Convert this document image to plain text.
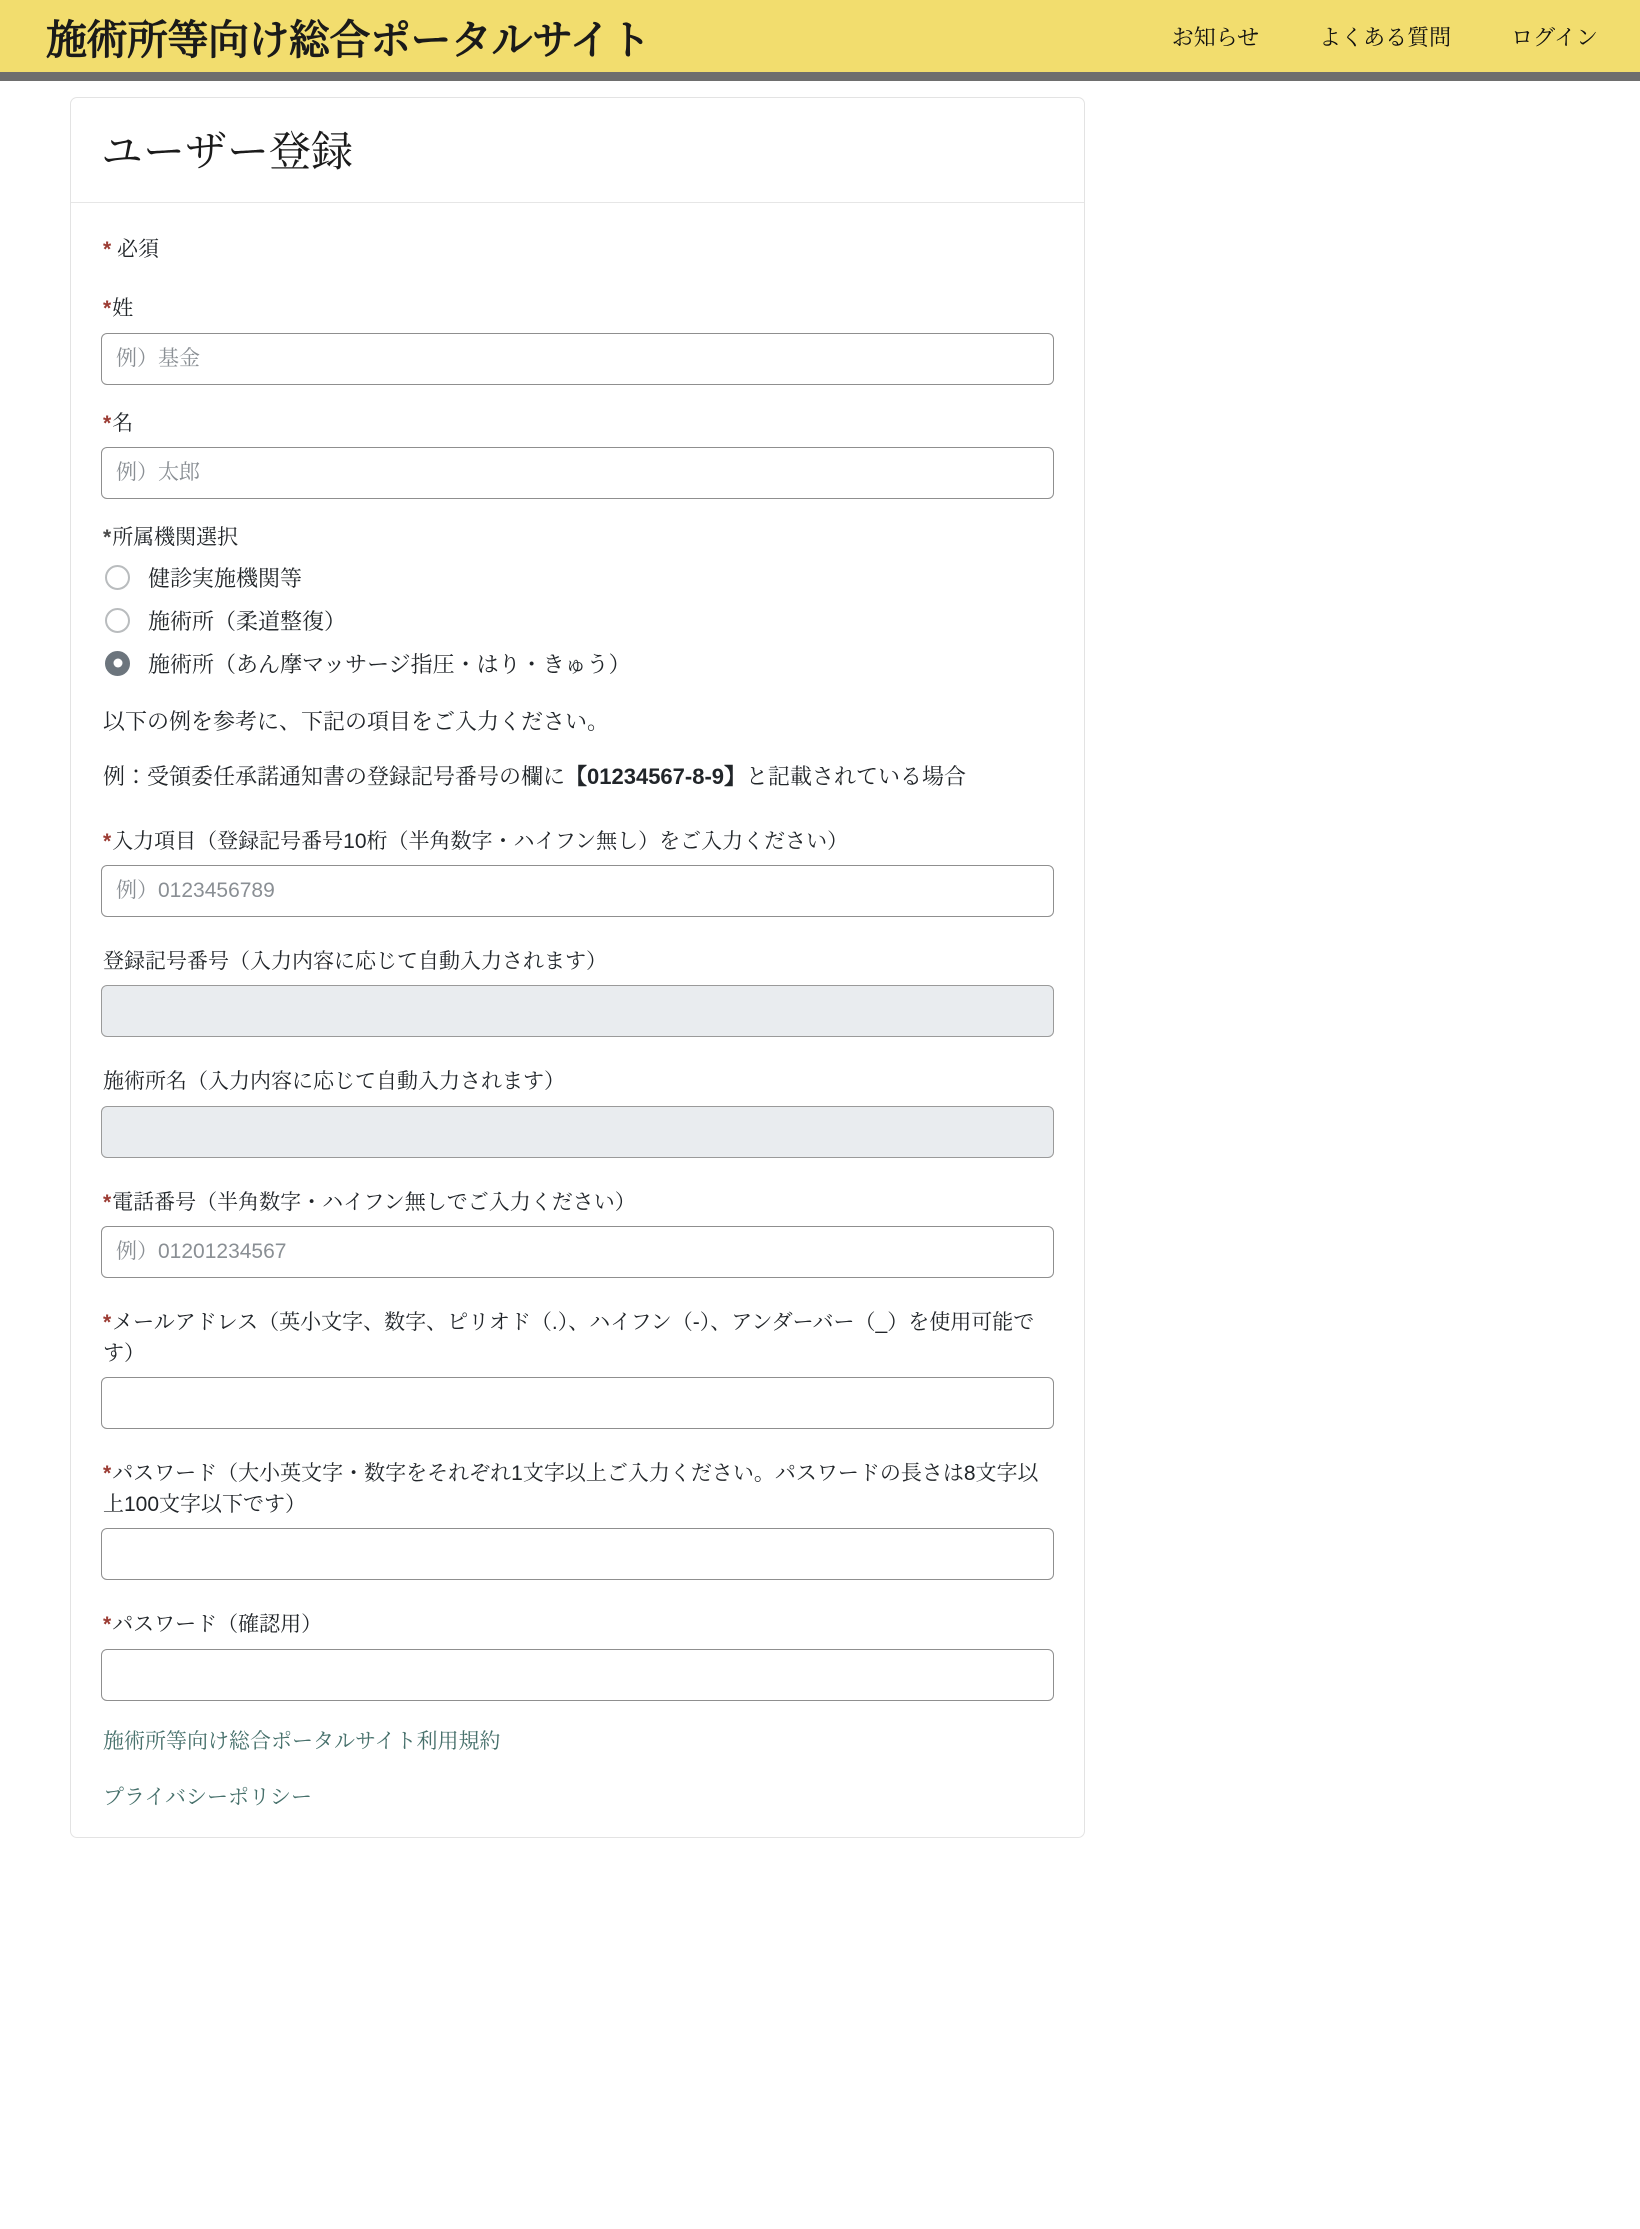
施術所等向け総合ポータルサイト	お知らせ	よくある質問	ログイン
ユーザー登録
* 必須
*姓
例）基金
*名
例）太郎
*所属機関選択
健診実施機関等
施術所（柔道整復）
施術所（あん摩マッサージ指圧・はり・きゅう）

以下の例を参考に、下記の項目をご入力ください。

例：受領委任承諾通知書の登録記号番号の欄に【01234567-8-9】と記載されている場合

*入力項目（登録記号番号10桁（半角数字・ハイフン無し）をご入力ください）
例）0123456789
登録記号番号（入力内容に応じて自動入力されます）
施術所名（入力内容に応じて自動入力されます）
*電話番号（半角数字・ハイフン無しでご入力ください）
例）01201234567
*メールアドレス（英小文字、数字、ピリオド（.）、ハイフン（-）、アンダーバー（_）を使用可能です）
*パスワード（大小英文字・数字をそれぞれ1文字以上ご入力ください。パスワードの長さは8文字以上100文字以下です）
*パスワード（確認用）
施術所等向け総合ポータルサイト利用規約
プライバシーポリシー
